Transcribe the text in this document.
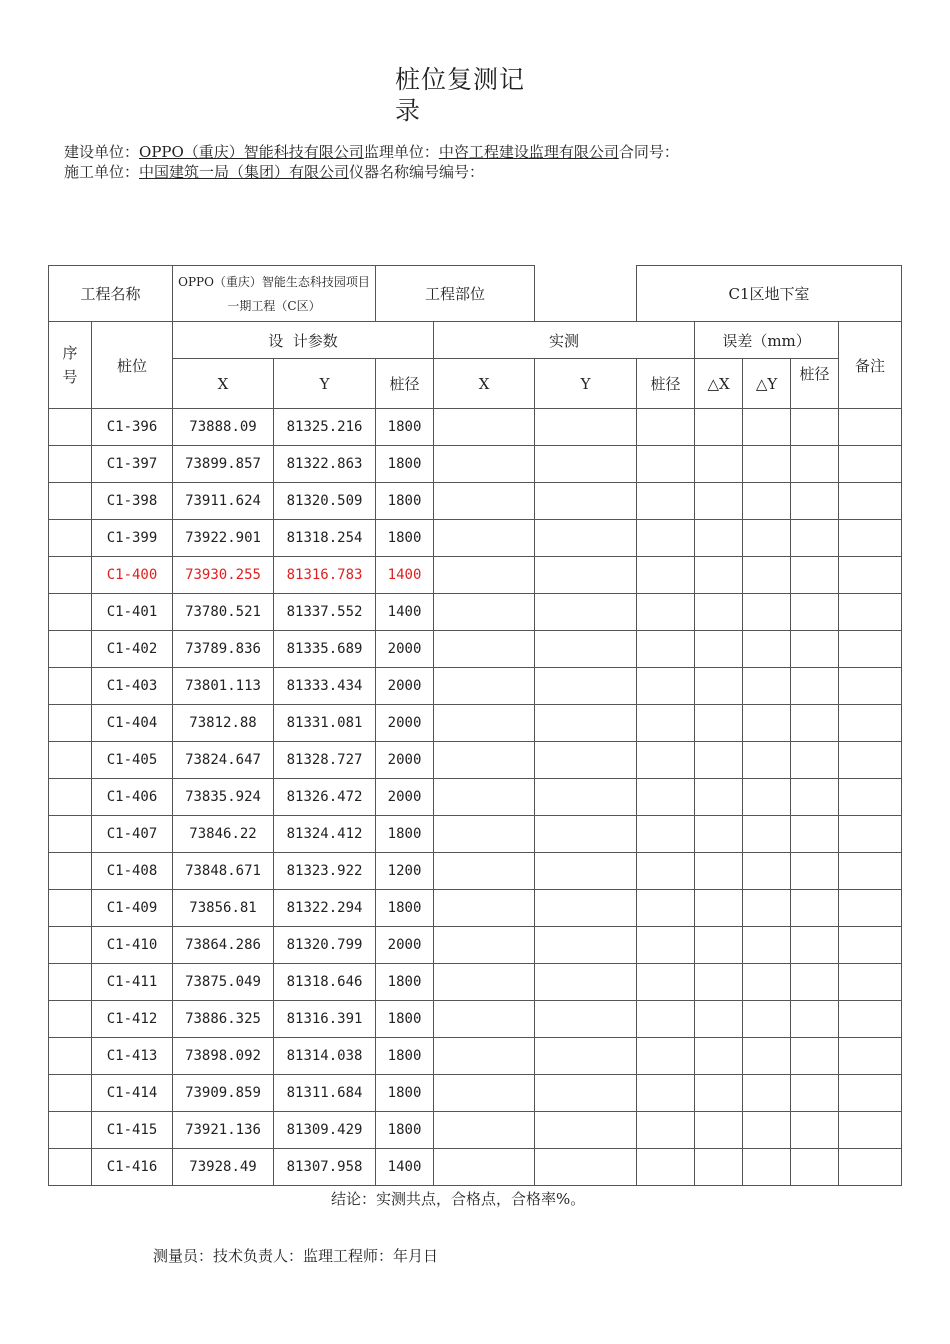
桩位复测记录
建设单位：OPPO（重庆）智能科技有限公司监理单位：中咨工程建设监理有限公司合同号：
施工单位：中国建筑一局（集团）有限公司仪器名称编号编号：
工程名称		OPPO（重庆）智能生态科技园项目一期工程（C区）		工程部位			C1区地下室				
序号	桩位	设  计参数			实测			误差（mm）			备注
		X	Y	桩径	X	Y	桩径	△X	△Y	桩径	
	C1-396	73888.09	81325.216	1800							
	C1-397	73899.857	81322.863	1800							
	C1-398	73911.624	81320.509	1800							
	C1-399	73922.901	81318.254	1800							
	C1-400	73930.255	81316.783	1400							
	C1-401	73780.521	81337.552	1400							
	C1-402	73789.836	81335.689	2000							
	C1-403	73801.113	81333.434	2000							
	C1-404	73812.88	81331.081	2000							
	C1-405	73824.647	81328.727	2000							
	C1-406	73835.924	81326.472	2000							
	C1-407	73846.22	81324.412	1800							
	C1-408	73848.671	81323.922	1200							
	C1-409	73856.81	81322.294	1800							
	C1-410	73864.286	81320.799	2000							
	C1-411	73875.049	81318.646	1800							
	C1-412	73886.325	81316.391	1800							
	C1-413	73898.092	81314.038	1800							
	C1-414	73909.859	81311.684	1800							
	C1-415	73921.136	81309.429	1800							
	C1-416	73928.49	81307.958	1400							
结论：实测共点，合格点，合格率%。
测量员：技术负责人：监理工程师：年月日
